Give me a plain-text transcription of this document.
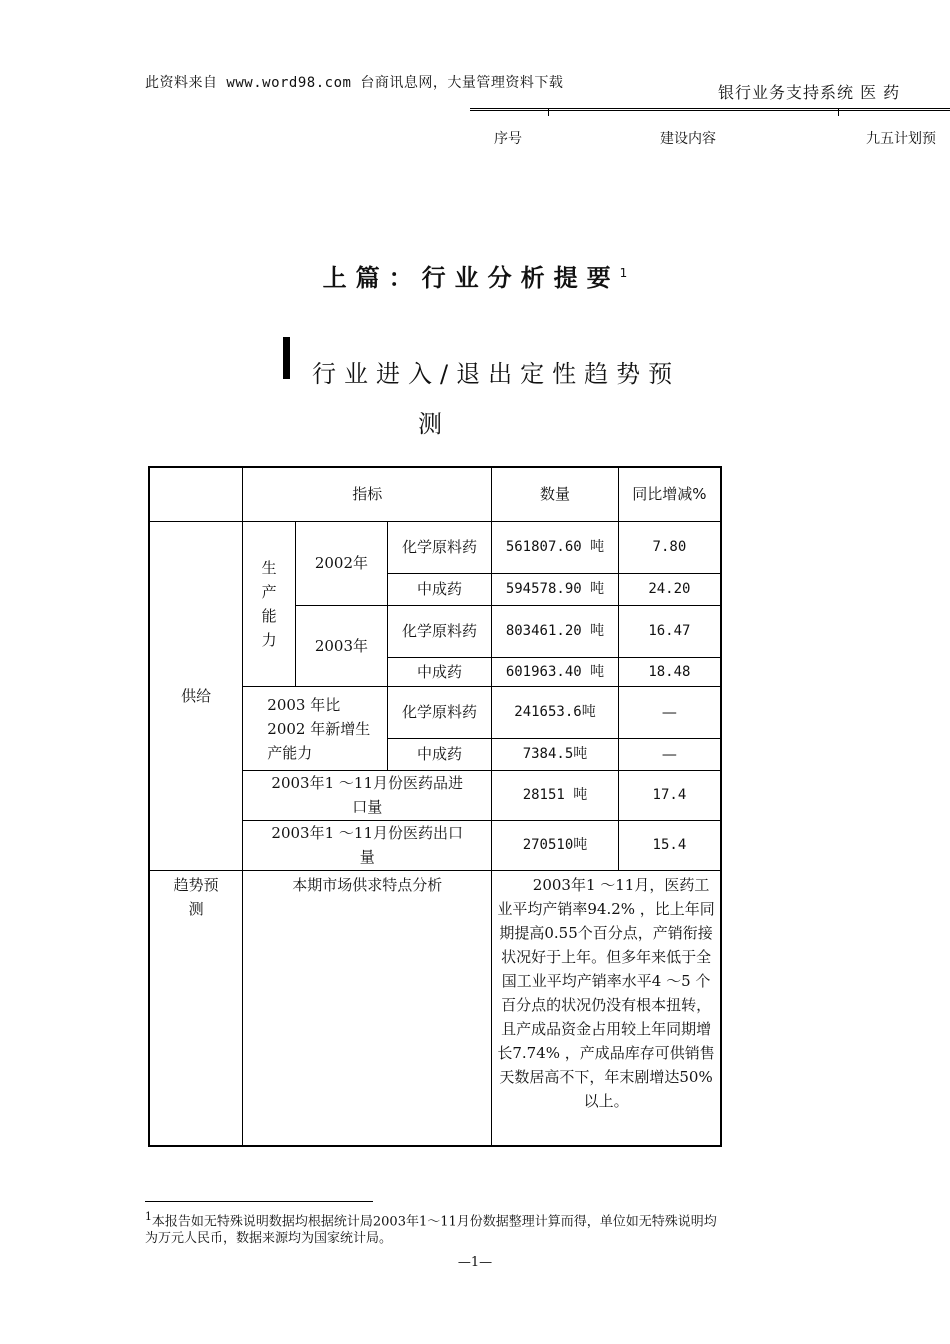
此资料来自 www.word98.com 台商讯息网，大量管理资料下载	银行业务支持系统 医 药
序号	建设内容	九五计划预
上篇：行业分析提要$^1$
行业进入/退出定性趋势预
测
	指标			数量	同比增减%
供给	生产能力	2002年	化学原料药	561807.60 吨	7.80
			中成药	594578.90 吨	24.20
		2003年	化学原料药	803461.20 吨	16.47
			中成药	601963.40 吨	18.48
	2003 年比 2002 年新增生产能力		化学原料药	241653.6吨	—
			中成药	7384.5吨	—
	2003年1 ～11月份医药品进口量			28151 吨	17.4
	2003年1 ～11月份医药出口量			270510吨	15.4

趋势预测	本期市场供求特点分析			2003年1 ～11月，医药工业平均产销率94.2% ，比上年同期提高0.55个百分点，产销衔接状况好于上年。但多年来低于全国工业平均产销率水平4 ～5 个百分点的状况仍没有根本扭转，且产成品资金占用较上年同期增长7.74% ，产成品库存可供销售天数居高不下，年末剧增达50% 以上。	
$^1$本报告如无特殊说明数据均根据统计局2003年1～11月份数据整理计算而得，单位如无特殊说明均为万元人民币，数据来源均为国家统计局。
—1—
